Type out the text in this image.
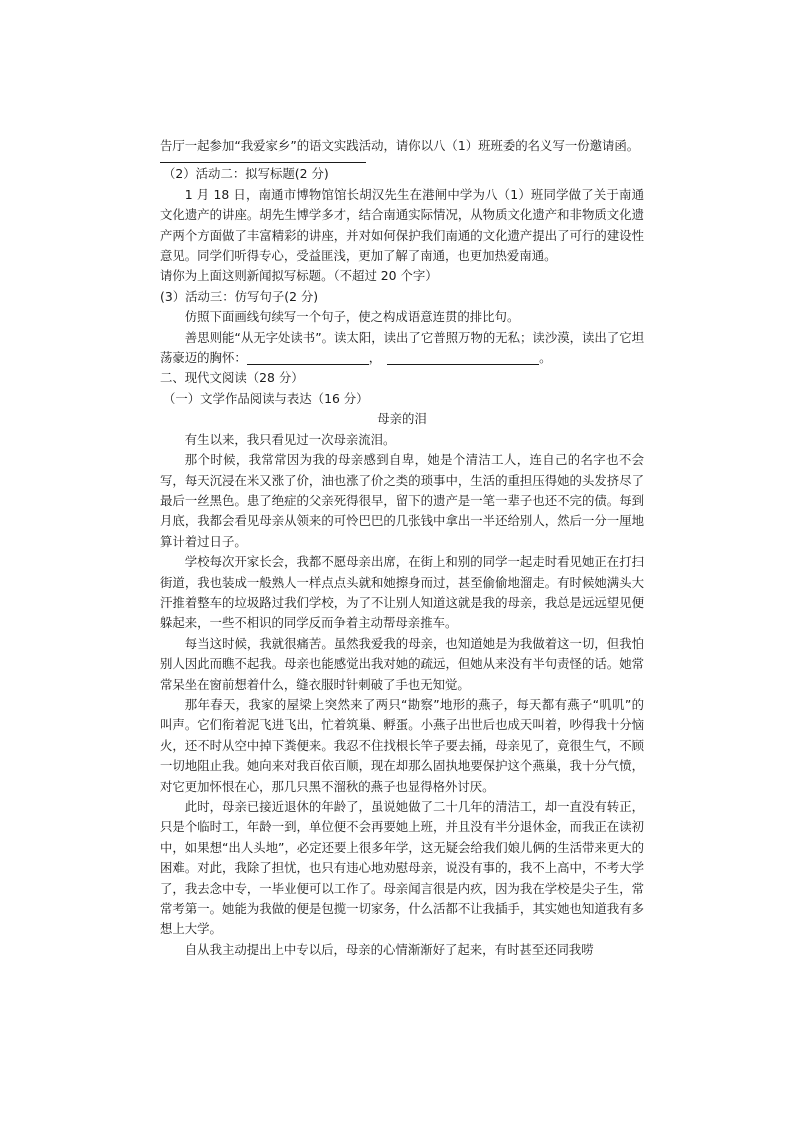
告厅一起参加“我爱家乡”的语文实践活动，请你以八（1）班班委的名义写一份邀请函。

（2）活动二：拟写标题(2 分)

1 月 18 日，南通市博物馆馆长胡汉先生在港闸中学为八（1）班同学做了关于南通文化遗产的讲座。胡先生博学多才，结合南通实际情况，从物质文化遗产和非物质文化遗产两个方面做了丰富精彩的讲座，并对如何保护我们南通的文化遗产提出了可行的建设性意见。同学们听得专心，受益匪浅，更加了解了南通，也更加热爱南通。

请你为上面这则新闻拟写标题。（不超过 20 个字）

(3）活动三：仿写句子(2 分)

仿照下面画线句续写一个句子，使之构成语意连贯的排比句。

善思则能“从无字处读书”。读太阳，读出了它普照万物的无私；读沙漠，读出了它坦荡豪迈的胸怀：	，	。

二、现代文阅读（28 分）

（一）文学作品阅读与表达（16 分）

母亲的泪

有生以来，我只看见过一次母亲流泪。

那个时候，我常常因为我的母亲感到自卑，她是个清洁工人，连自己的名字也不会写，每天沉浸在米又涨了价，油也涨了价之类的琐事中，生活的重担压得她的头发挤尽了最后一丝黑色。患了绝症的父亲死得很早，留下的遗产是一笔一辈子也还不完的债。每到月底，我都会看见母亲从领来的可怜巴巴的几张钱中拿出一半还给别人，然后一分一厘地算计着过日子。

学校每次开家长会，我都不愿母亲出席，在街上和别的同学一起走时看见她正在打扫街道，我也装成一般熟人一样点点头就和她擦身而过，甚至偷偷地溜走。有时候她满头大汗推着整车的垃圾路过我们学校，为了不让别人知道这就是我的母亲，我总是远远望见便躲起来，一些不相识的同学反而争着主动帮母亲推车。

每当这时候，我就很痛苦。虽然我爱我的母亲，也知道她是为我做着这一切，但我怕别人因此而瞧不起我。母亲也能感觉出我对她的疏远，但她从来没有半句责怪的话。她常常呆坐在窗前想着什么，缝衣服时针刺破了手也无知觉。

那年春天，我家的屋梁上突然来了两只“勘察”地形的燕子，每天都有燕子“叽叽”的叫声。它们衔着泥飞进飞出，忙着筑巢、孵蛋。小燕子出世后也成天叫着，吵得我十分恼火，还不时从空中掉下粪便来。我忍不住找根长竿子要去捅，母亲见了，竟很生气，不顾一切地阻止我。她向来对我百依百顺，现在却那么固执地要保护这个燕巢，我十分气愤，对它更加怀恨在心，那几只黑不溜秋的燕子也显得格外讨厌。

此时，母亲已接近退休的年龄了，虽说她做了二十几年的清洁工，却一直没有转正，只是个临时工，年龄一到，单位便不会再要她上班，并且没有半分退休金，而我正在读初中，如果想“出人头地”，必定还要上很多年学，这无疑会给我们娘儿俩的生活带来更大的困难。对此，我除了担忧，也只有违心地劝慰母亲，说没有事的，我不上高中，不考大学了，我去念中专，一毕业便可以工作了。母亲闻言很是内疚，因为我在学校是尖子生，常常考第一。她能为我做的便是包揽一切家务，什么活都不让我插手，其实她也知道我有多想上大学。

自从我主动提出上中专以后，母亲的心情渐渐好了起来，有时甚至还同我唠
